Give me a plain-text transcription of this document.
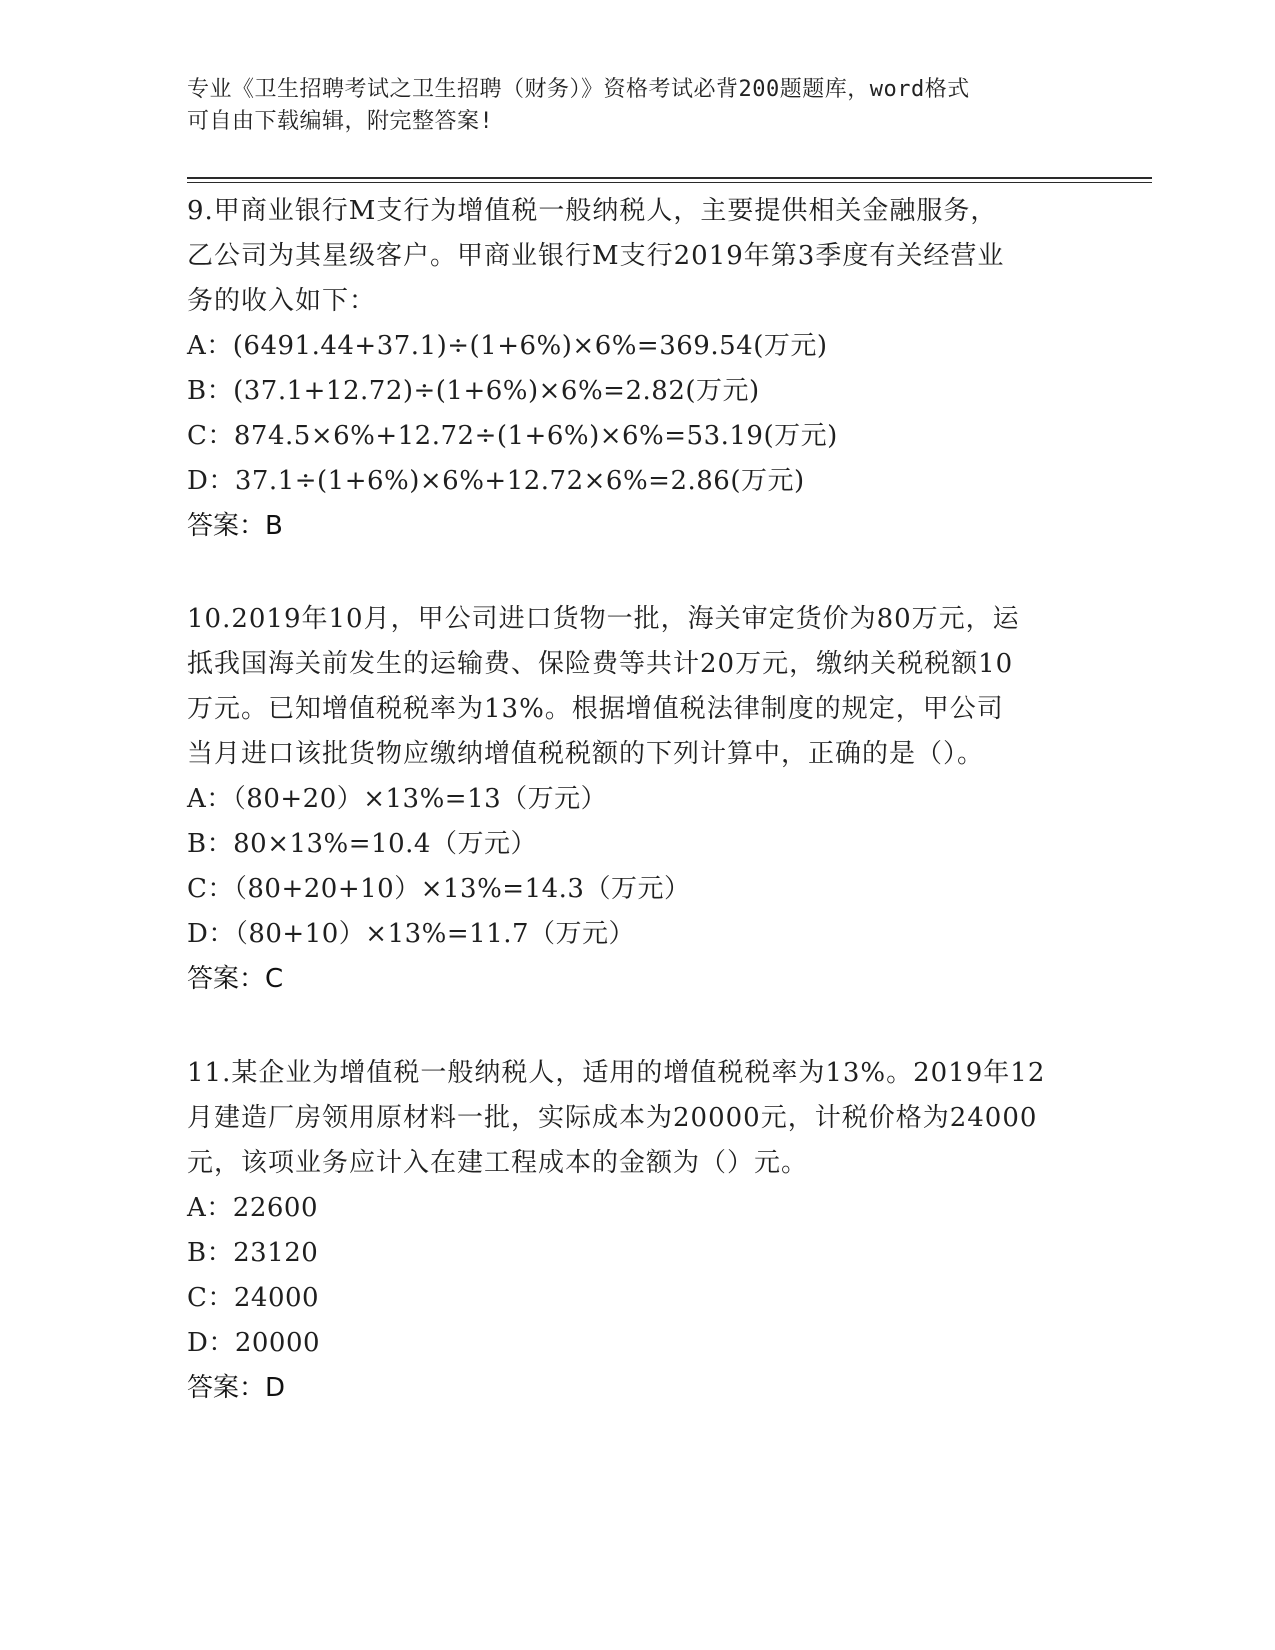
专业《卫生招聘考试之卫生招聘（财务）》资格考试必背200题题库，word格式
可自由下载编辑，附完整答案!
9.甲商业银行M支行为增值税一般纳税人，主要提供相关金融服务，
乙公司为其星级客户。甲商业银行M支行2019年第3季度有关经营业
务的收入如下：
A：(6491.44+37.1)÷(1+6%)×6%=369.54(万元)
B：(37.1+12.72)÷(1+6%)×6%=2.82(万元)
C：874.5×6%+12.72÷(1+6%)×6%=53.19(万元)
D：37.1÷(1+6%)×6%+12.72×6%=2.86(万元)
答案：B
10.2019年10月，甲公司进口货物一批，海关审定货价为80万元，运
抵我国海关前发生的运输费、保险费等共计20万元，缴纳关税税额10
万元。已知增值税税率为13%。根据增值税法律制度的规定，甲公司
当月进口该批货物应缴纳增值税税额的下列计算中，正确的是（）。
A：（80+20）×13%=13（万元）
B：80×13%=10.4（万元）
C：（80+20+10）×13%=14.3（万元）
D：（80+10）×13%=11.7（万元）
答案：C
11.某企业为增值税一般纳税人，适用的增值税税率为13%。2019年12
月建造厂房领用原材料一批，实际成本为20000元，计税价格为24000
元，该项业务应计入在建工程成本的金额为（）元。
A：22600
B：23120
C：24000
D：20000
答案：D
